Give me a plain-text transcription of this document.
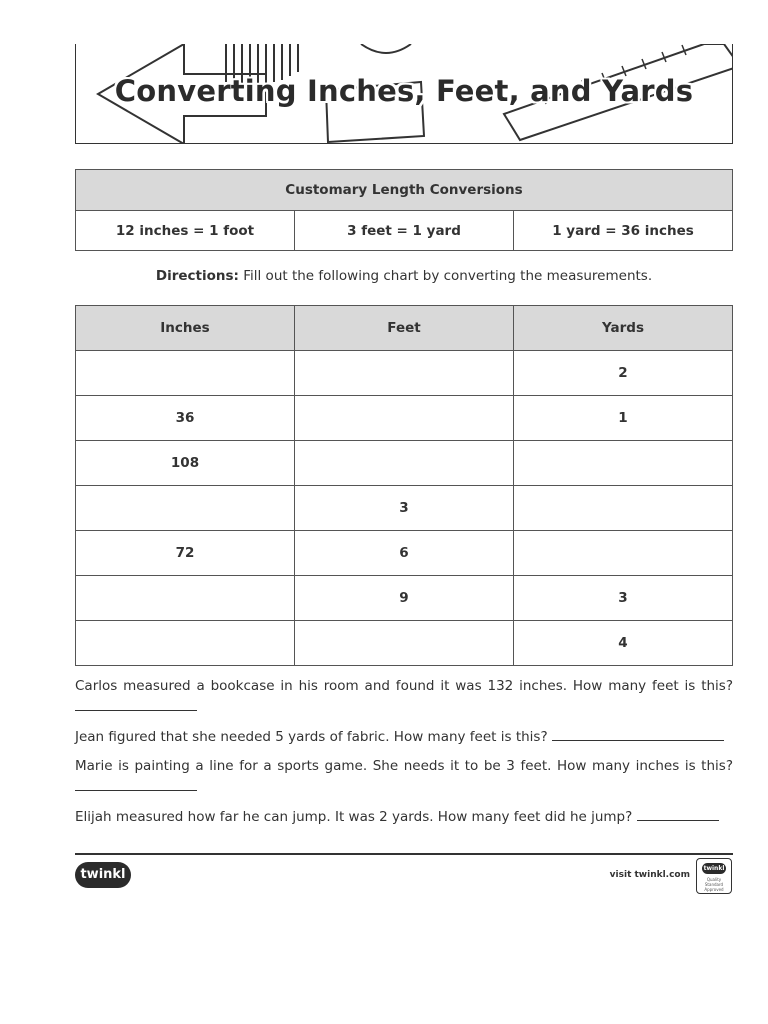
Converting Inches, Feet, and Yards
Customary Length Conversions
12 inches = 1 foot	3 feet = 1 yard	1 yard = 36 inches
Directions: Fill out the following chart by converting the measurements.
Inches	Feet	Yards
		2
36		1
108		
	3	
72	6	
	9	3
		4
Carlos measured a bookcase in his room and found it was 132 inches. How many feet is this?
Jean figured that she needed 5 yards of fabric. How many feet is this?
Marie is painting a line for a sports game. She needs it to be 3 feet. How many inches is this?
Elijah measured how far he can jump. It was 2 yards. How many feet did he jump?
twinkl	visit twinkl.com
twinkl
Quality Standard Approved
